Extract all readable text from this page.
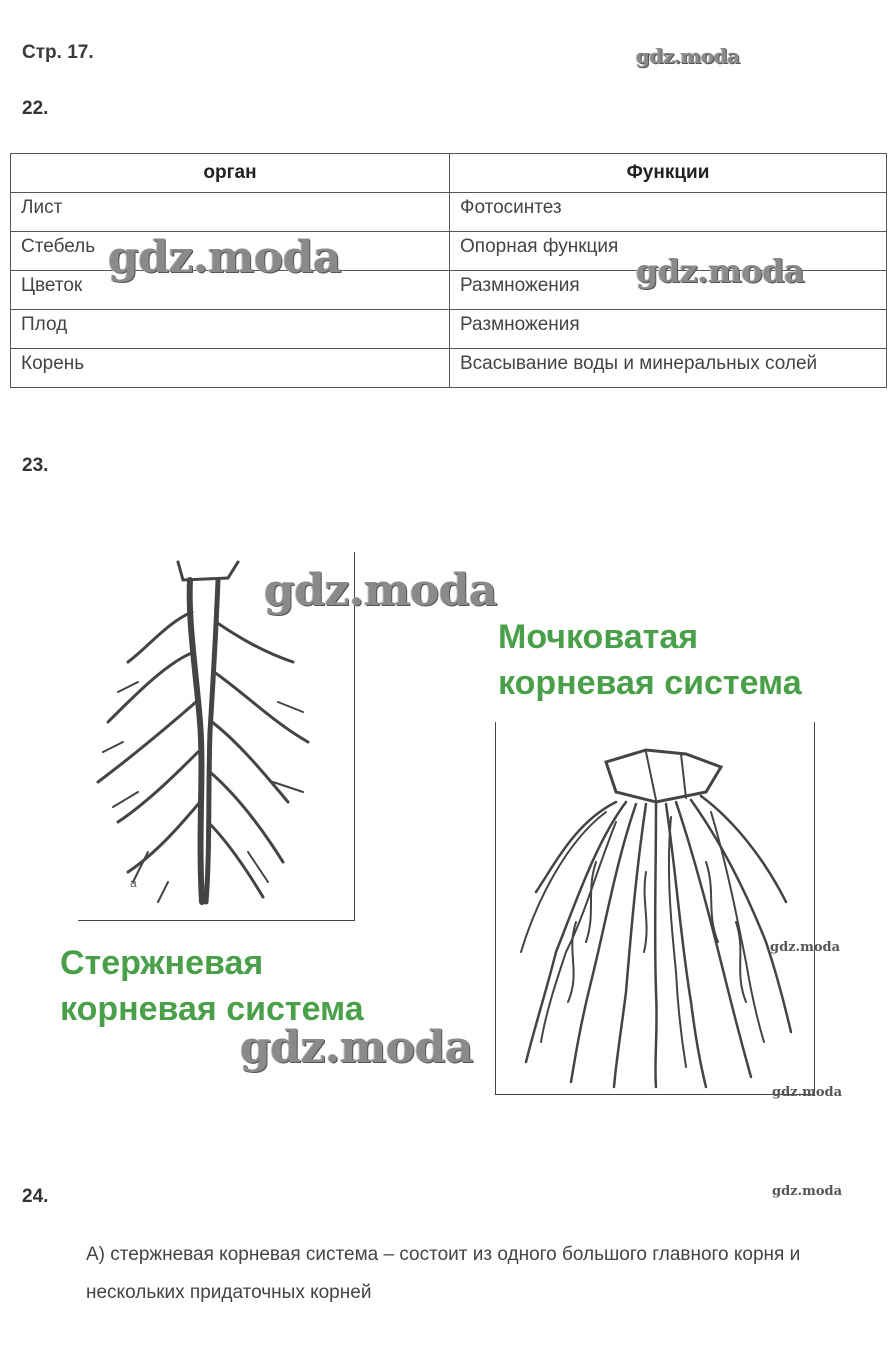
Стр. 17.	gdz.moda
22.
орган	Функции
Лист	Фотосинтез
Стебель	Опорная функция
Цветок	Размножения
Плод	Размножения
Корень	Всасывание воды и минеральных солей
gdz.moda	gdz.moda
23.
а
gdz.moda
Мочковатая
корневая система
gdz.moda
gdz.moda
Стержневая
корневая система
gdz.moda
24.	gdz.moda
А) стержневая корневая система – состоит из одного большого главного корня и нескольких придаточных корней
